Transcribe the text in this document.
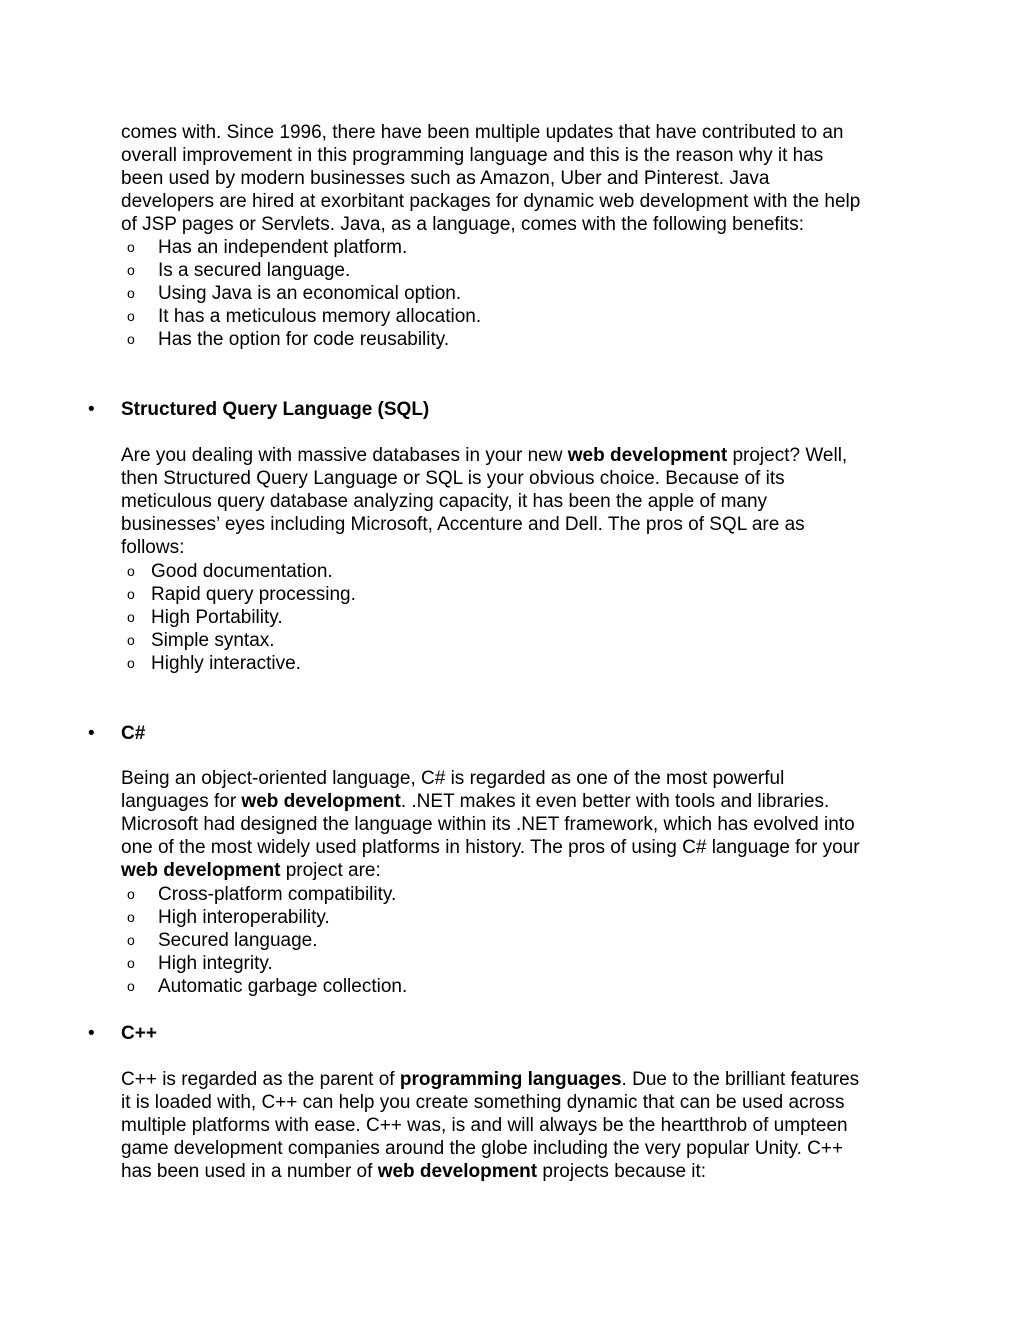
comes with. Since 1996, there have been multiple updates that have contributed to an
overall improvement in this programming language and this is the reason why it has
been used by modern businesses such as Amazon, Uber and Pinterest. Java
developers are hired at exorbitant packages for dynamic web development with the help
of JSP pages or Servlets. Java, as a language, comes with the following benefits:

o Has an independent platform.
o Is a secured language.
o Using Java is an economical option.
o It has a meticulous memory allocation.
o Has the option for code reusability.
• Structured Query Language (SQL)

Are you dealing with massive databases in your new web development project? Well,
then Structured Query Language or SQL is your obvious choice. Because of its
meticulous query database analyzing capacity, it has been the apple of many
businesses’ eyes including Microsoft, Accenture and Dell. The pros of SQL are as
follows:

o Good documentation.
o Rapid query processing.
o High Portability.
o Simple syntax.
o Highly interactive.
• C#

Being an object-oriented language, C# is regarded as one of the most powerful
languages for web development. .NET makes it even better with tools and libraries.
Microsoft had designed the language within its .NET framework, which has evolved into
one of the most widely used platforms in history. The pros of using C# language for your
web development project are:

o Cross-platform compatibility.
o High interoperability.
o Secured language.
o High integrity.
o Automatic garbage collection.
• C++

C++ is regarded as the parent of programming languages. Due to the brilliant features
it is loaded with, C++ can help you create something dynamic that can be used across
multiple platforms with ease. C++ was, is and will always be the heartthrob of umpteen
game development companies around the globe including the very popular Unity. C++
has been used in a number of web development projects because it:
